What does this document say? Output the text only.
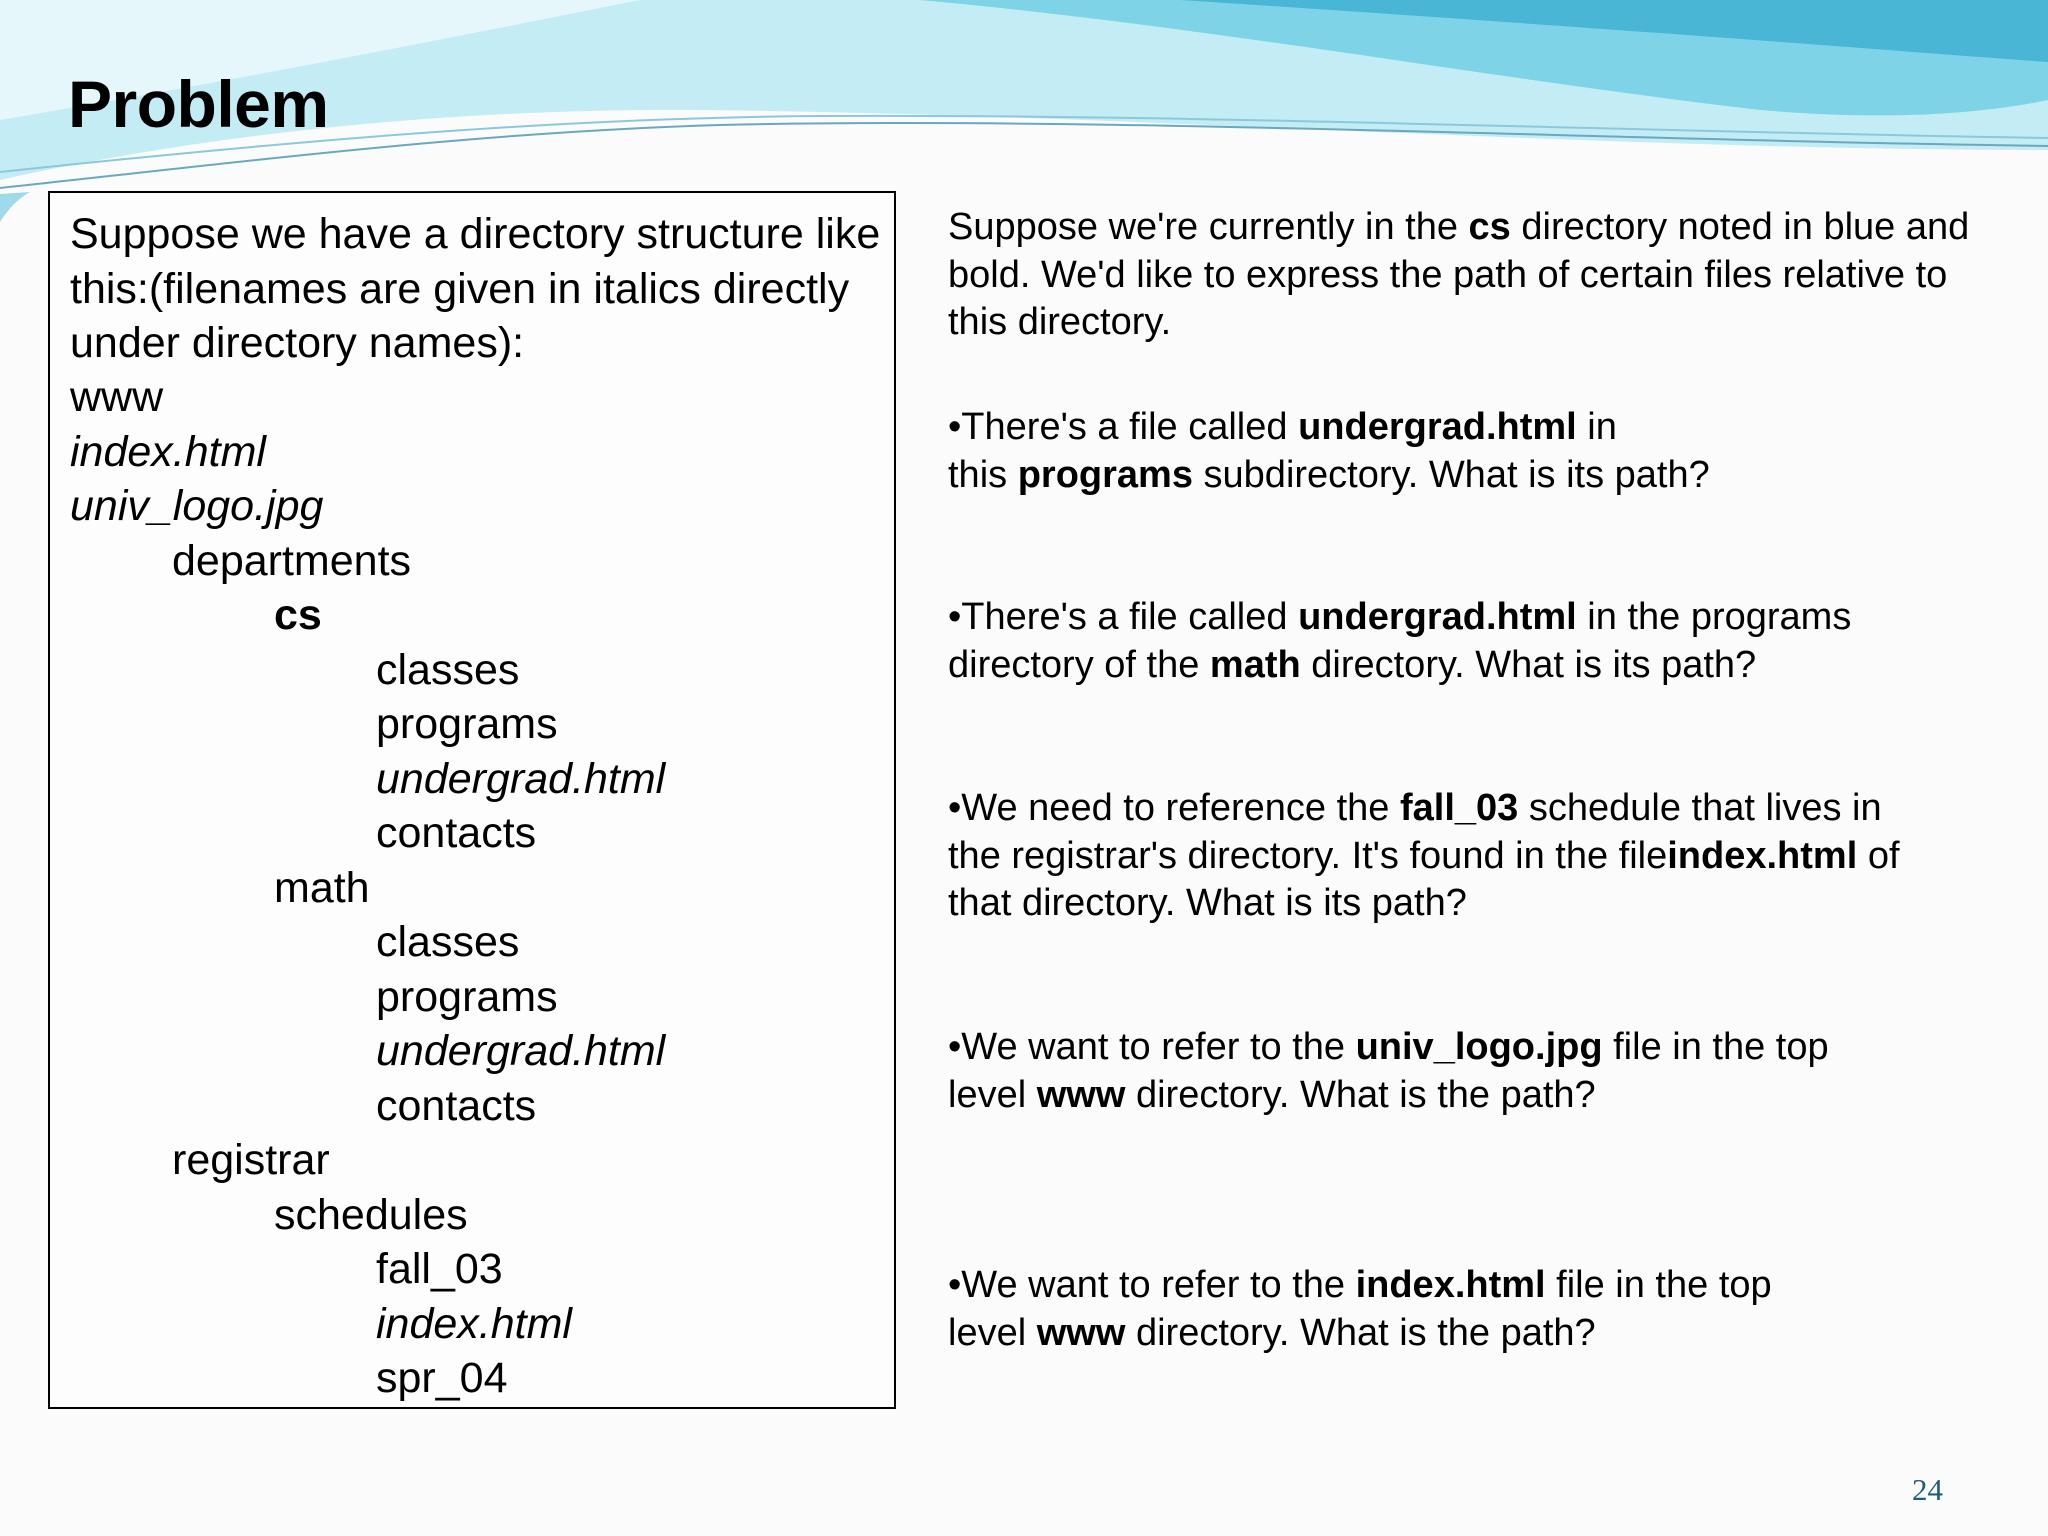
Problem

Suppose we have a directory structure like this:(filenames are given in italics directly under directory names):

www
index.html
univ_logo.jpg
departments
cs
classes
programs
undergrad.html
contacts
math
classes
programs
undergrad.html
contacts
registrar
schedules
fall_03
index.html
spr_04

Suppose we're currently in the cs directory noted in blue and bold. We'd like to express the path of certain files relative to this directory.

•There's a file called undergrad.html in
this programs subdirectory. What is its path?

•There's a file called undergrad.html in the programs
directory of the math directory. What is its path?

•We need to reference the fall_03 schedule that lives in
the registrar's directory. It's found in the fileindex.html of
that directory. What is its path?

•We want to refer to the univ_logo.jpg file in the top
level www directory. What is the path?

•We want to refer to the index.html file in the top
level www directory. What is the path?

24
